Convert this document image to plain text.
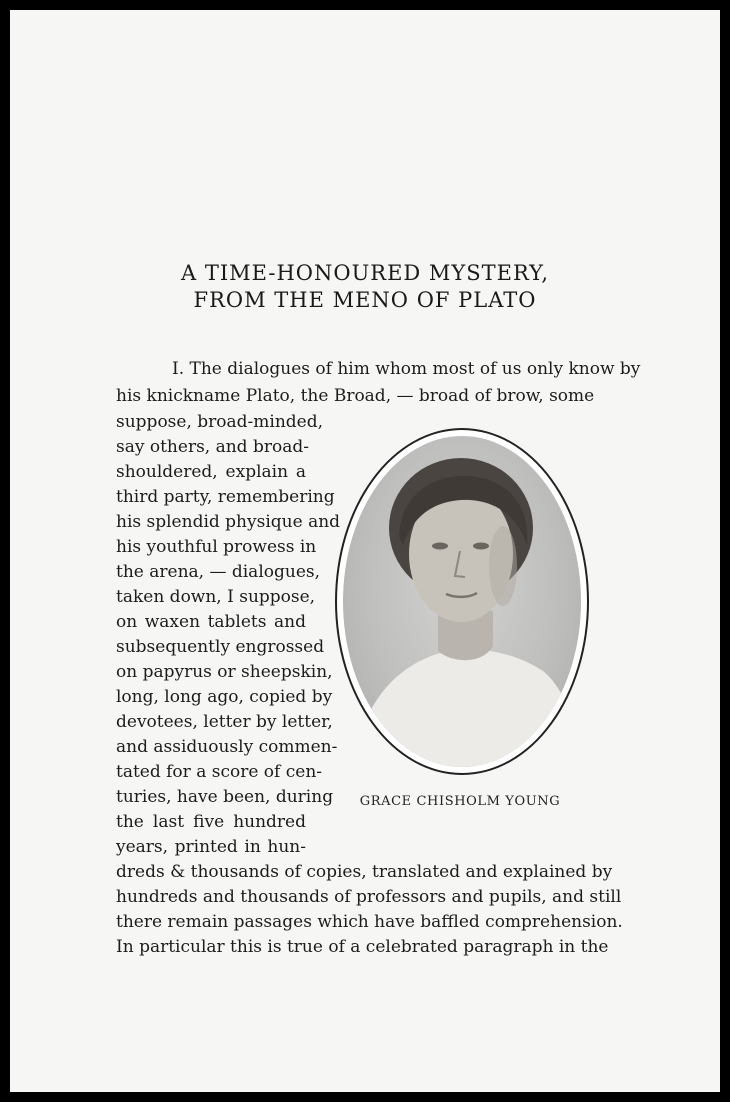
A TIME-HONOURED MYSTERY,
FROM THE MENO OF PLATO
I. The dialogues of him whom most of us only know by
his knickname Plato, the Broad, — broad of brow, some
suppose, broad-minded,
say others, and broad-
shouldered, explain a
third party, remembering
his splendid physique and
his youthful prowess in
the arena, — dialogues,
taken down, I suppose,
on waxen tablets and
subsequently engrossed
on papyrus or sheepskin,
long, long ago, copied by
devotees, letter by letter,
and assiduously commen-
tated for a score of cen-
turies, have been, during
the last five hundred
years, printed in hun-
dreds & thousands of copies, translated and explained by
hundreds and thousands of professors and pupils, and still
there remain passages which have baffled comprehension.
In particular this is true of a celebrated paragraph in the
GRACE CHISHOLM YOUNG
